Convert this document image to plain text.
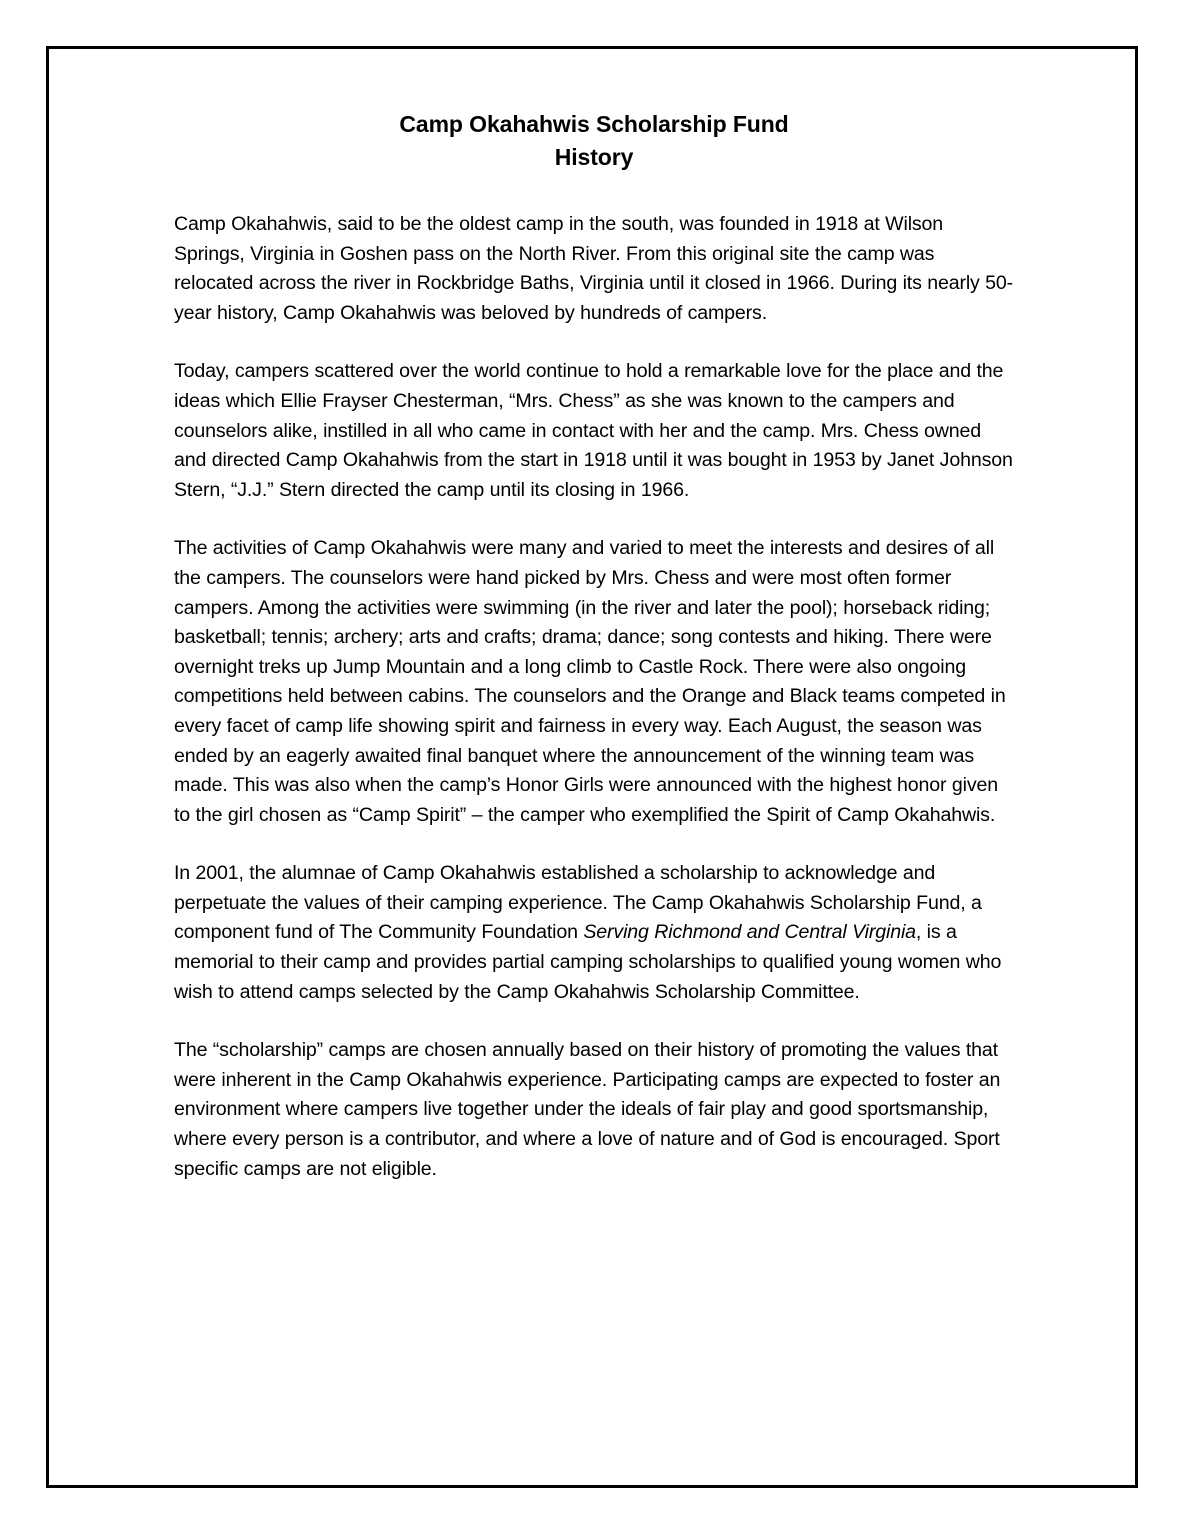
Camp Okahahwis Scholarship Fund
History

Camp Okahahwis, said to be the oldest camp in the south, was founded in 1918 at Wilson Springs, Virginia in Goshen pass on the North River. From this original site the camp was relocated across the river in Rockbridge Baths, Virginia until it closed in 1966. During its nearly 50-year history, Camp Okahahwis was beloved by hundreds of campers.

Today, campers scattered over the world continue to hold a remarkable love for the place and the ideas which Ellie Frayser Chesterman, “Mrs. Chess” as she was known to the campers and counselors alike, instilled in all who came in contact with her and the camp. Mrs. Chess owned and directed Camp Okahahwis from the start in 1918 until it was bought in 1953 by Janet Johnson Stern, “J.J.” Stern directed the camp until its closing in 1966.

The activities of Camp Okahahwis were many and varied to meet the interests and desires of all the campers. The counselors were hand picked by Mrs. Chess and were most often former campers. Among the activities were swimming (in the river and later the pool); horseback riding; basketball; tennis; archery; arts and crafts; drama; dance; song contests and hiking. There were overnight treks up Jump Mountain and a long climb to Castle Rock. There were also ongoing competitions held between cabins. The counselors and the Orange and Black teams competed in every facet of camp life showing spirit and fairness in every way. Each August, the season was ended by an eagerly awaited final banquet where the announcement of the winning team was made. This was also when the camp’s Honor Girls were announced with the highest honor given to the girl chosen as “Camp Spirit” – the camper who exemplified the Spirit of Camp Okahahwis.

In 2001, the alumnae of Camp Okahahwis established a scholarship to acknowledge and perpetuate the values of their camping experience. The Camp Okahahwis Scholarship Fund, a component fund of The Community Foundation Serving Richmond and Central Virginia, is a memorial to their camp and provides partial camping scholarships to qualified young women who wish to attend camps selected by the Camp Okahahwis Scholarship Committee.

The “scholarship” camps are chosen annually based on their history of promoting the values that were inherent in the Camp Okahahwis experience. Participating camps are expected to foster an environment where campers live together under the ideals of fair play and good sportsmanship, where every person is a contributor, and where a love of nature and of God is encouraged. Sport specific camps are not eligible.
